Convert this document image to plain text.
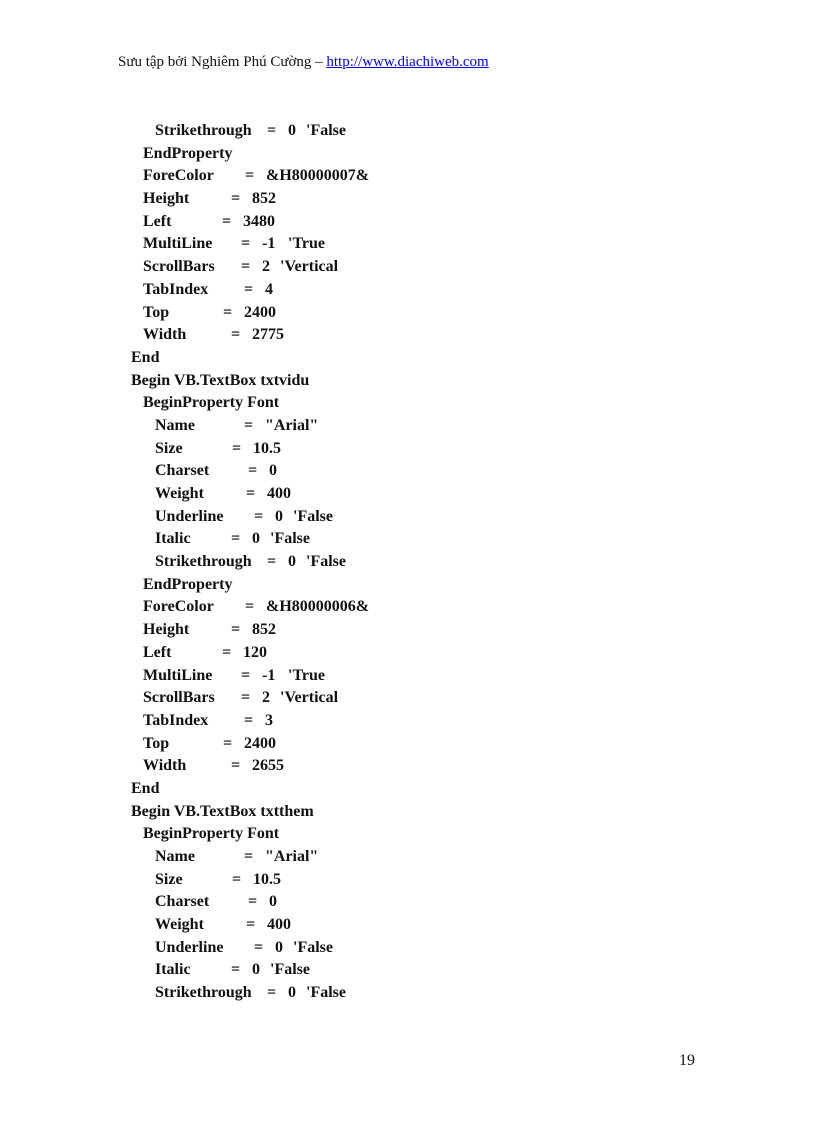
Sưu tập bởi Nghiêm Phú Cường – http://www.diachiweb.com
Strikethrough = 0 'False
EndProperty
ForeColor = &H80000007&
Height	= 852
Left	= 3480
MultiLine = -1 'True
ScrollBars = 2 'Vertical
TabIndex = 4
Top	= 2400
Width	= 2775
End
Begin VB.TextBox txtvidu
BeginProperty Font
Name	= "Arial"
Size	= 10.5
Charset = 0
Weight	= 400
Underline = 0 'False
Italic	= 0 'False
Strikethrough = 0 'False
EndProperty
ForeColor = &H80000006&
Height	= 852
Left	= 120
MultiLine = -1 'True
ScrollBars = 2 'Vertical
TabIndex = 3
Top	= 2400
Width	= 2655
End
Begin VB.TextBox txtthem
BeginProperty Font
Name	= "Arial"
Size	= 10.5
Charset = 0
Weight	= 400
Underline = 0 'False
Italic	= 0 'False
Strikethrough = 0 'False
19
